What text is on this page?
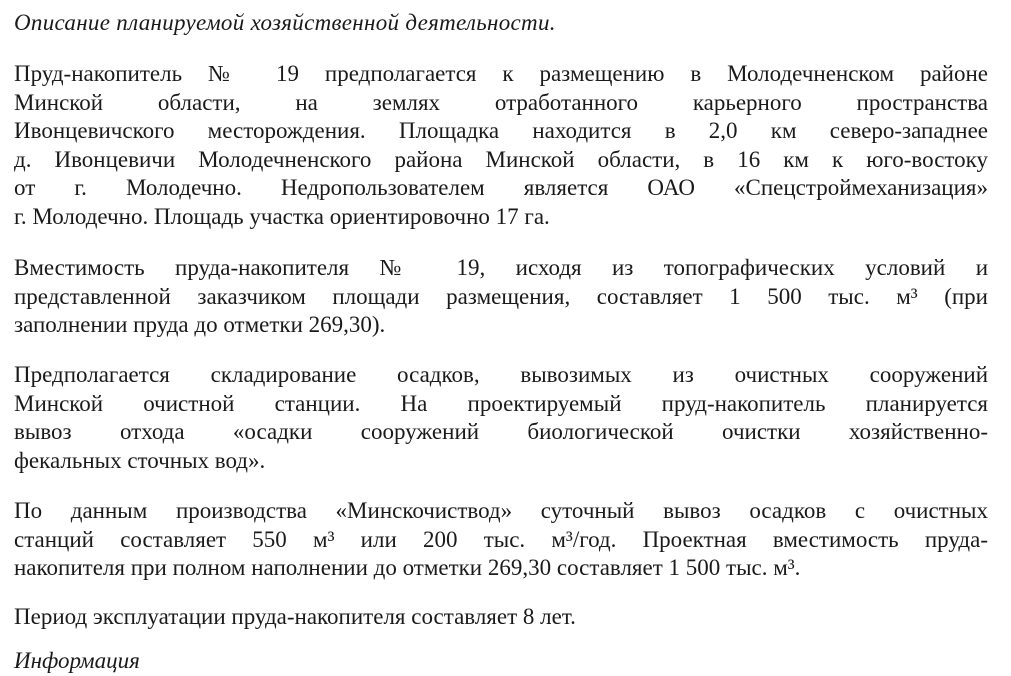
Описание планируемой хозяйственной деятельности.
Пруд-накопитель № 19 предполагается к размещению в Молодечненском районе
Минской области, на землях отработанного карьерного пространства
Ивонцевичского месторождения. Площадка находится в 2,0 км северо-западнее
д. Ивонцевичи Молодечненского района Минской области, в 16 км к юго-востоку
от г. Молодечно. Недропользователем является ОАО «Спецстроймеханизация»
г. Молодечно. Площадь участка ориентировочно 17 га.
Вместимость пруда-накопителя № 19, исходя из топографических условий и
представленной заказчиком площади размещения, составляет 1 500 тыс. м³ (при
заполнении пруда до отметки 269,30).
Предполагается складирование осадков, вывозимых из очистных сооружений
Минской очистной станции. На проектируемый пруд-накопитель планируется
вывоз отхода «осадки сооружений биологической очистки хозяйственно-
фекальных сточных вод».
По данным производства «Минскочиствод» суточный вывоз осадков с очистных
станций составляет 550 м³ или 200 тыс. м³/год. Проектная вместимость пруда-
накопителя при полном наполнении до отметки 269,30 составляет 1 500 тыс. м³.
Период эксплуатации пруда-накопителя составляет 8 лет.
Информация
